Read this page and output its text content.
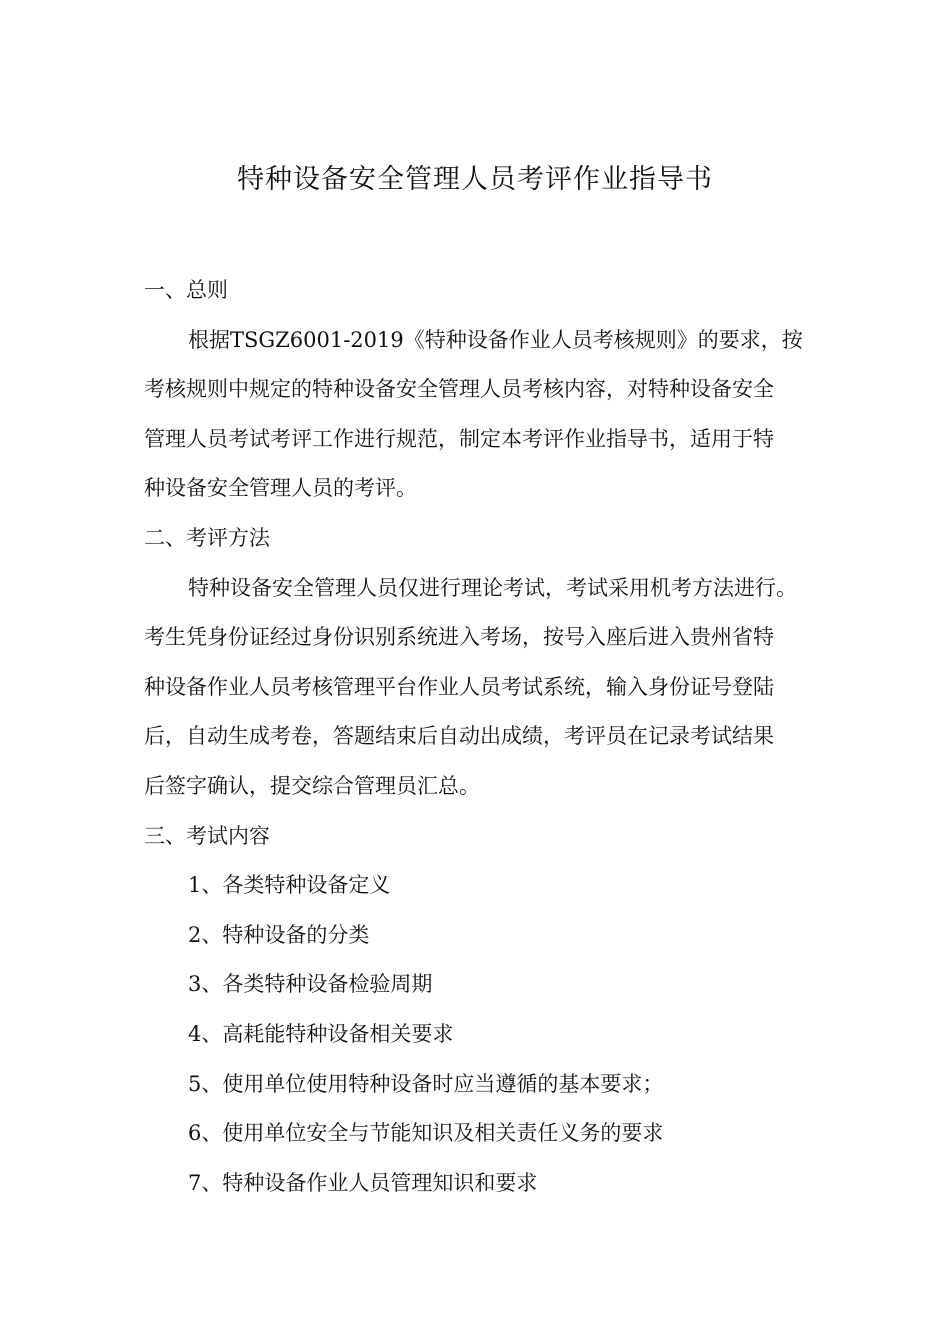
特种设备安全管理人员考评作业指导书

一、总则

根据TSGZ6001-2019《特种设备作业人员考核规则》的要求，按

考核规则中规定的特种设备安全管理人员考核内容，对特种设备安全

管理人员考试考评工作进行规范，制定本考评作业指导书，适用于特

种设备安全管理人员的考评。

二、考评方法

特种设备安全管理人员仅进行理论考试，考试采用机考方法进行。

考生凭身份证经过身份识别系统进入考场，按号入座后进入贵州省特

种设备作业人员考核管理平台作业人员考试系统，输入身份证号登陆

后，自动生成考卷，答题结束后自动出成绩，考评员在记录考试结果

后签字确认，提交综合管理员汇总。

三、考试内容

1、各类特种设备定义

2、特种设备的分类

3、各类特种设备检验周期

4、高耗能特种设备相关要求

5、使用单位使用特种设备时应当遵循的基本要求；

6、使用单位安全与节能知识及相关责任义务的要求

7、特种设备作业人员管理知识和要求
